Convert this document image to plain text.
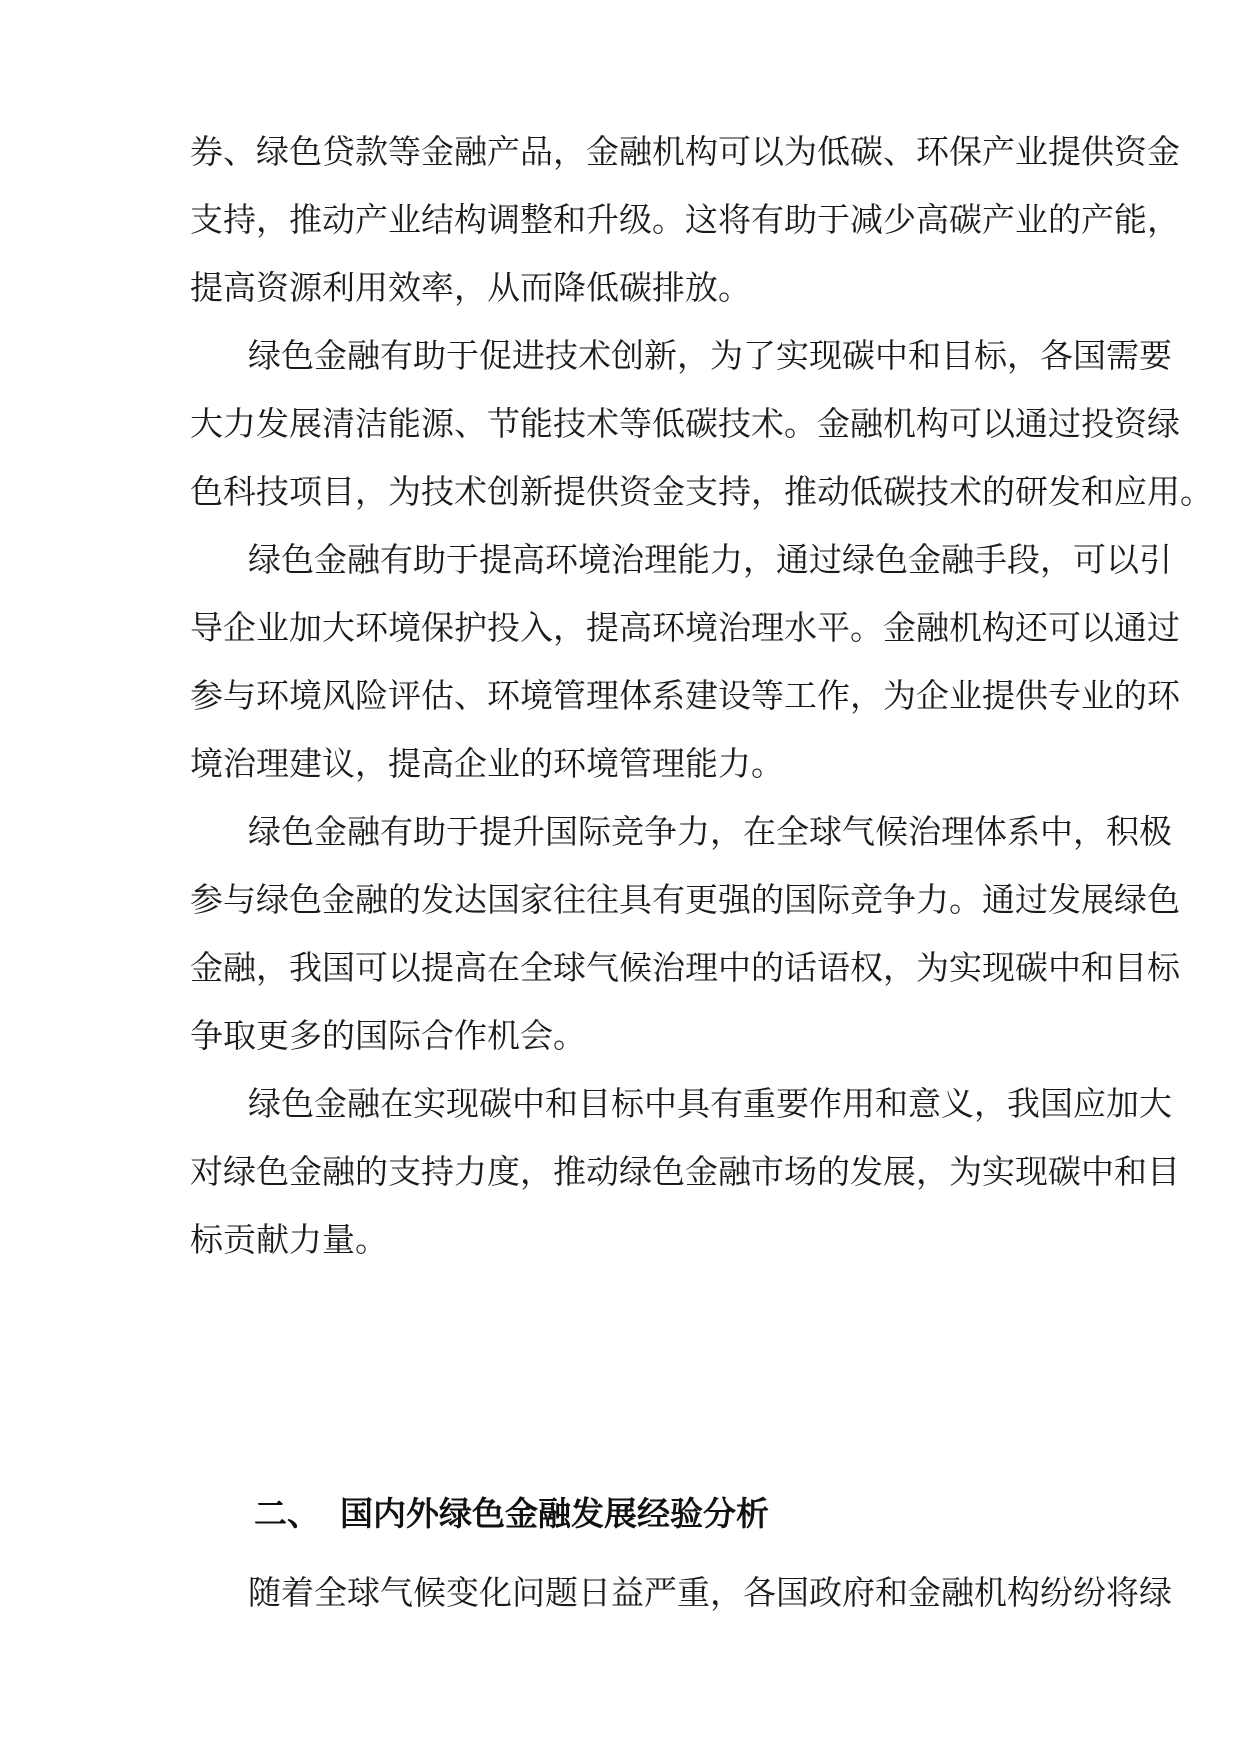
券、绿色贷款等金融产品，金融机构可以为低碳、环保产业提供资金
支持，推动产业结构调整和升级。这将有助于减少高碳产业的产能，
提高资源利用效率，从而降低碳排放。
绿色金融有助于促进技术创新，为了实现碳中和目标，各国需要
大力发展清洁能源、节能技术等低碳技术。金融机构可以通过投资绿
色科技项目，为技术创新提供资金支持，推动低碳技术的研发和应用。
绿色金融有助于提高环境治理能力，通过绿色金融手段，可以引
导企业加大环境保护投入，提高环境治理水平。金融机构还可以通过
参与环境风险评估、环境管理体系建设等工作，为企业提供专业的环
境治理建议，提高企业的环境管理能力。
绿色金融有助于提升国际竞争力，在全球气候治理体系中，积极
参与绿色金融的发达国家往往具有更强的国际竞争力。通过发展绿色
金融，我国可以提高在全球气候治理中的话语权，为实现碳中和目标
争取更多的国际合作机会。
绿色金融在实现碳中和目标中具有重要作用和意义，我国应加大
对绿色金融的支持力度，推动绿色金融市场的发展，为实现碳中和目
标贡献力量。
二、 国内外绿色金融发展经验分析
随着全球气候变化问题日益严重，各国政府和金融机构纷纷将绿
